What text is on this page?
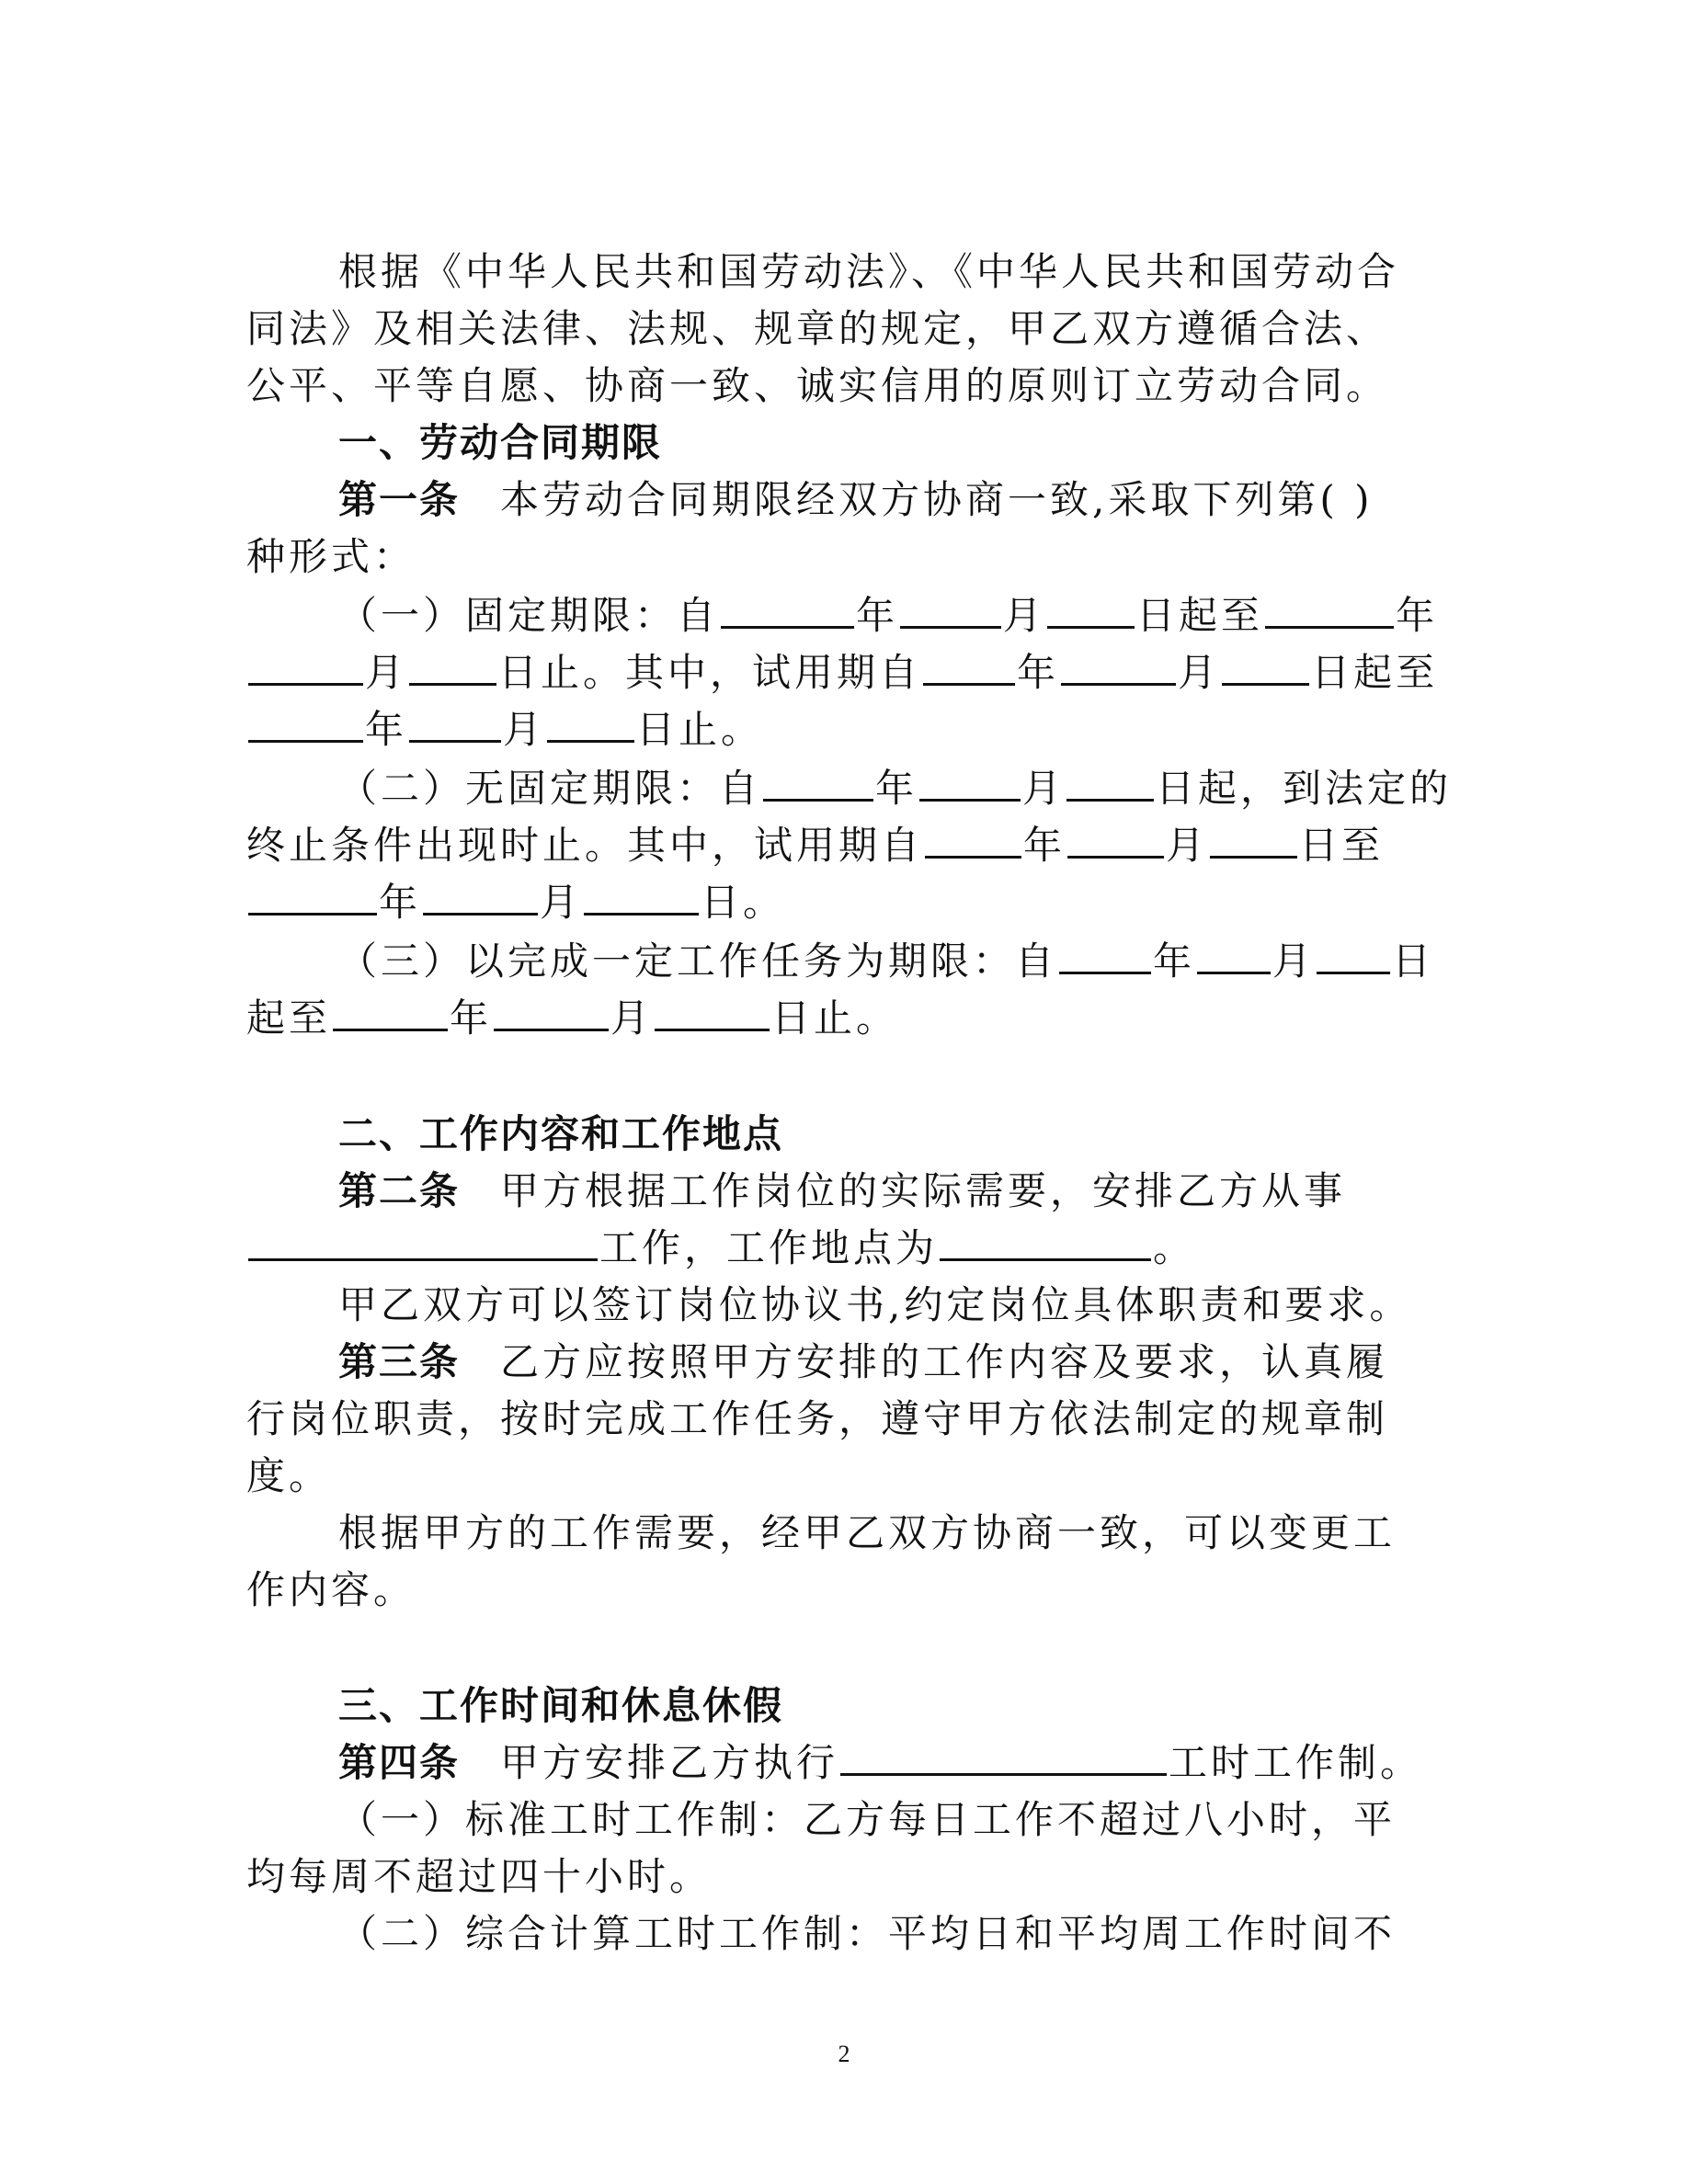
根据《中华人民共和国劳动法》、《中华人民共和国劳动合
同法》及相关法律、法规、规章的规定，甲乙双方遵循合法、
公平、平等自愿、协商一致、诚实信用的原则订立劳动合同。
一、劳动合同期限
第一条 本劳动合同期限经双方协商一致,采取下列第( )
种形式：
（一）固定期限：自	年	月 日起至	年
月 日止。其中，试用期自 年	月 日起至
年 月 日止。
（二）无固定期限：自	年	月 日起，到法定的
终止条件出现时止。其中，试用期自	年	月 日至
年	月	日。
（三）以完成一定工作任务为期限：自 年 月 日
起至	年	月	日止。
二、工作内容和工作地点
第二条 甲方根据工作岗位的实际需要，安排乙方从事
工作，工作地点为	。
甲乙双方可以签订岗位协议书,约定岗位具体职责和要求。
第三条 乙方应按照甲方安排的工作内容及要求，认真履
行岗位职责，按时完成工作任务，遵守甲方依法制定的规章制
度。
根据甲方的工作需要，经甲乙双方协商一致，可以变更工
作内容。
三、工作时间和休息休假
第四条 甲方安排乙方执行	工时工作制。
（一）标准工时工作制：乙方每日工作不超过八小时，平
均每周不超过四十小时。
（二）综合计算工时工作制：平均日和平均周工作时间不
2
